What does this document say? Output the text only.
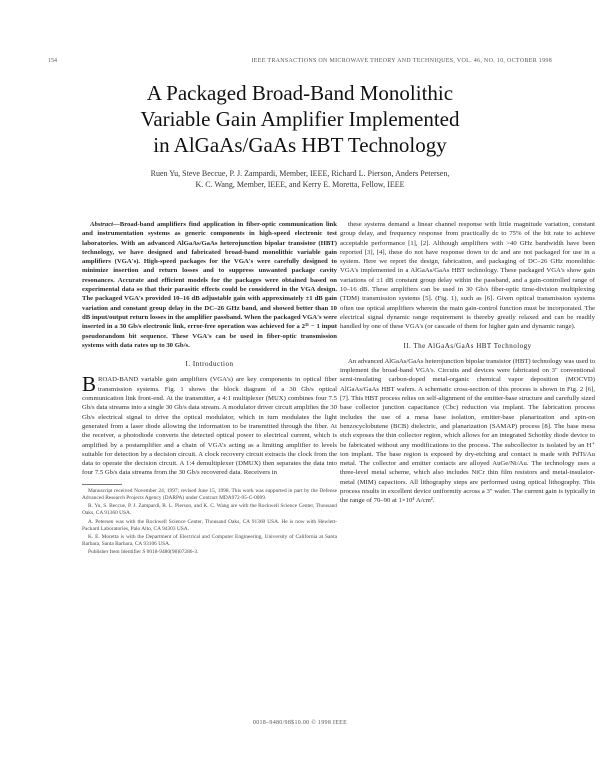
154	IEEE TRANSACTIONS ON MICROWAVE THEORY AND TECHNIQUES, VOL. 46, NO. 10, OCTOBER 1998
A Packaged Broad-Band Monolithic
Variable Gain Amplifier Implemented
in AlGaAs/GaAs HBT Technology
Ruen Yu, Steve Beccue, P. J. Zampardi, Member, IEEE, Richard L. Pierson, Anders Petersen,
K. C. Wang, Member, IEEE, and Kerry E. Moretta, Fellow, IEEE
Abstract—Broad-band amplifiers find application in fiber-optic communication link and instrumentation systems as generic components in high-speed electronic test laboratories. With an advanced AlGaAs/GaAs heterojunction bipolar transistor (HBT) technology, we have designed and fabricated broad-band monolithic variable gain amplifiers (VGA's). High-speed packages for the VGA's were carefully designed to minimize insertion and return losses and to suppress unwanted package cavity resonances. Accurate and efficient models for the packages were obtained based on experimental data so that their parasitic effects could be considered in the VGA design. The packaged VGA's provided 10–16 dB adjustable gain with approximately ±1 dB gain variation and constant group delay in the DC–26 GHz band, and showed better than 10 dB input/output return losses in the amplifier passband. When the packaged VGA's were inserted in a 30 Gb/s electronic link, error-free operation was achieved for a 2³¹ − 1 input pseudorandom bit sequence. These VGA's can be used in fiber-optic transmission systems with data rates up to 30 Gb/s.
I. Introduction

BROAD-BAND variable gain amplifiers (VGA's) are key components in optical fiber transmission systems. Fig. 1 shows the block diagram of a 30 Gb/s optical communication link front-end. At the transmitter, a 4:1 multiplexer (MUX) combines four 7.5 Gb/s data streams into a single 30 Gb/s data stream. A modulator driver circuit amplifies the 30 Gb/s electrical signal to drive the optical modulator, which in turn modulates the light generated from a laser diode allowing the information to be transmitted through the fiber. At the receiver, a photodiode converts the detected optical power to electrical current, which is amplified by a postamplifier and a chain of VGA's acting as a limiting amplifier to levels suitable for detection by a decision circuit. A clock recovery circuit extracts the clock from the data to operate the decision circuit. A 1:4 demultiplexer (DMUX) then separates the data into four 7.5 Gb/s data streams from the 30 Gb/s recovered data. Receivers in

Manuscript received November 24, 1997; revised June 15, 1998. This work was supported in part by the Defense Advanced Research Projects Agency (DARPA) under Contract MDA972-95-C-0009.

R. Yu, S. Beccue, P. J. Zampardi, R. L. Pierson, and K. C. Wang are with the Rockwell Science Center, Thousand Oaks, CA 91360 USA.

A. Petersen was with the Rockwell Science Center, Thousand Oaks, CA 91360 USA. He is now with Hewlett-Packard Laboratories, Palo Alto, CA 94303 USA.

K. E. Moretta is with the Department of Electrical and Computer Engineering, University of California at Santa Barbara, Santa Barbara, CA 93106 USA.

Publisher Item Identifier S 0018-9480(98)07286-3.

these systems demand a linear channel response with little magnitude variation, constant group delay, and frequency response from practically dc to 75% of the bit rate to achieve acceptable performance [1], [2]. Although amplifiers with >40 GHz bandwidth have been reported [3], [4], these do not have response down to dc and are not packaged for use in a system. Here we report the design, fabrication, and packaging of DC–26 GHz monolithic VGA's implemented in a AlGaAs/GaAs HBT technology. These packaged VGA's show gain variations of ±1 dB constant group delay within the passband, and a gain-controlled range of 10–16 dB. These amplifiers can be used in 30 Gb/s fiber-optic time-division multiplexing (TDM) transmission systems [5]. (Fig. 1), such as [6]. Given optical transmission systems often use optical amplifiers wherein the main gain-control function must be incorporated. The electrical signal dynamic range requirement is thereby greatly relaxed and can be readily handled by one of these VGA's (or cascade of them for higher gain and dynamic range).

II. The AlGaAs/GaAs HBT Technology

An advanced AlGaAs/GaAs heterojunction bipolar transistor (HBT) technology was used to implement the broad-band VGA's. Circuits and devices were fabricated on 3" conventional semi-insulating carbon-doped metal-organic chemical vapor deposition (MOCVD) AlGaAs/GaAs HBT wafers. A schematic cross-section of this process is shown in Fig. 2 [6], [7]. This HBT process relies on self-alignment of the emitter-base structure and carefully sized base collector junction capacitance (Cbc) reduction via implant. The fabrication process includes the use of a mesa base isolation, emitter-base planarization and spin-on benzocyclobutene (BCB) dielectric, and planarization (SAMAP) process [8]. The base mesa etch exposes the thin collector region, which allows for an integrated Schottky diode device to be fabricated without any modifications to the process. The subcollector is isolated by an H⁺ ion implant. The base region is exposed by dry-etching and contact is made with PdTi/Au metal. The collector and emitter contacts are alloyed AuGe/Ni/Au. The technology uses a three-level metal scheme, which also includes NiCr thin film resistors and metal-insulator-metal (MIM) capacitors. All lithography steps are performed using optical lithography. This process results in excellent device uniformity across a 3" wafer. The current gain is typically in the range of 70–90 at 1×10⁴ A/cm².

0018–9480/98$10.00 © 1998 IEEE
